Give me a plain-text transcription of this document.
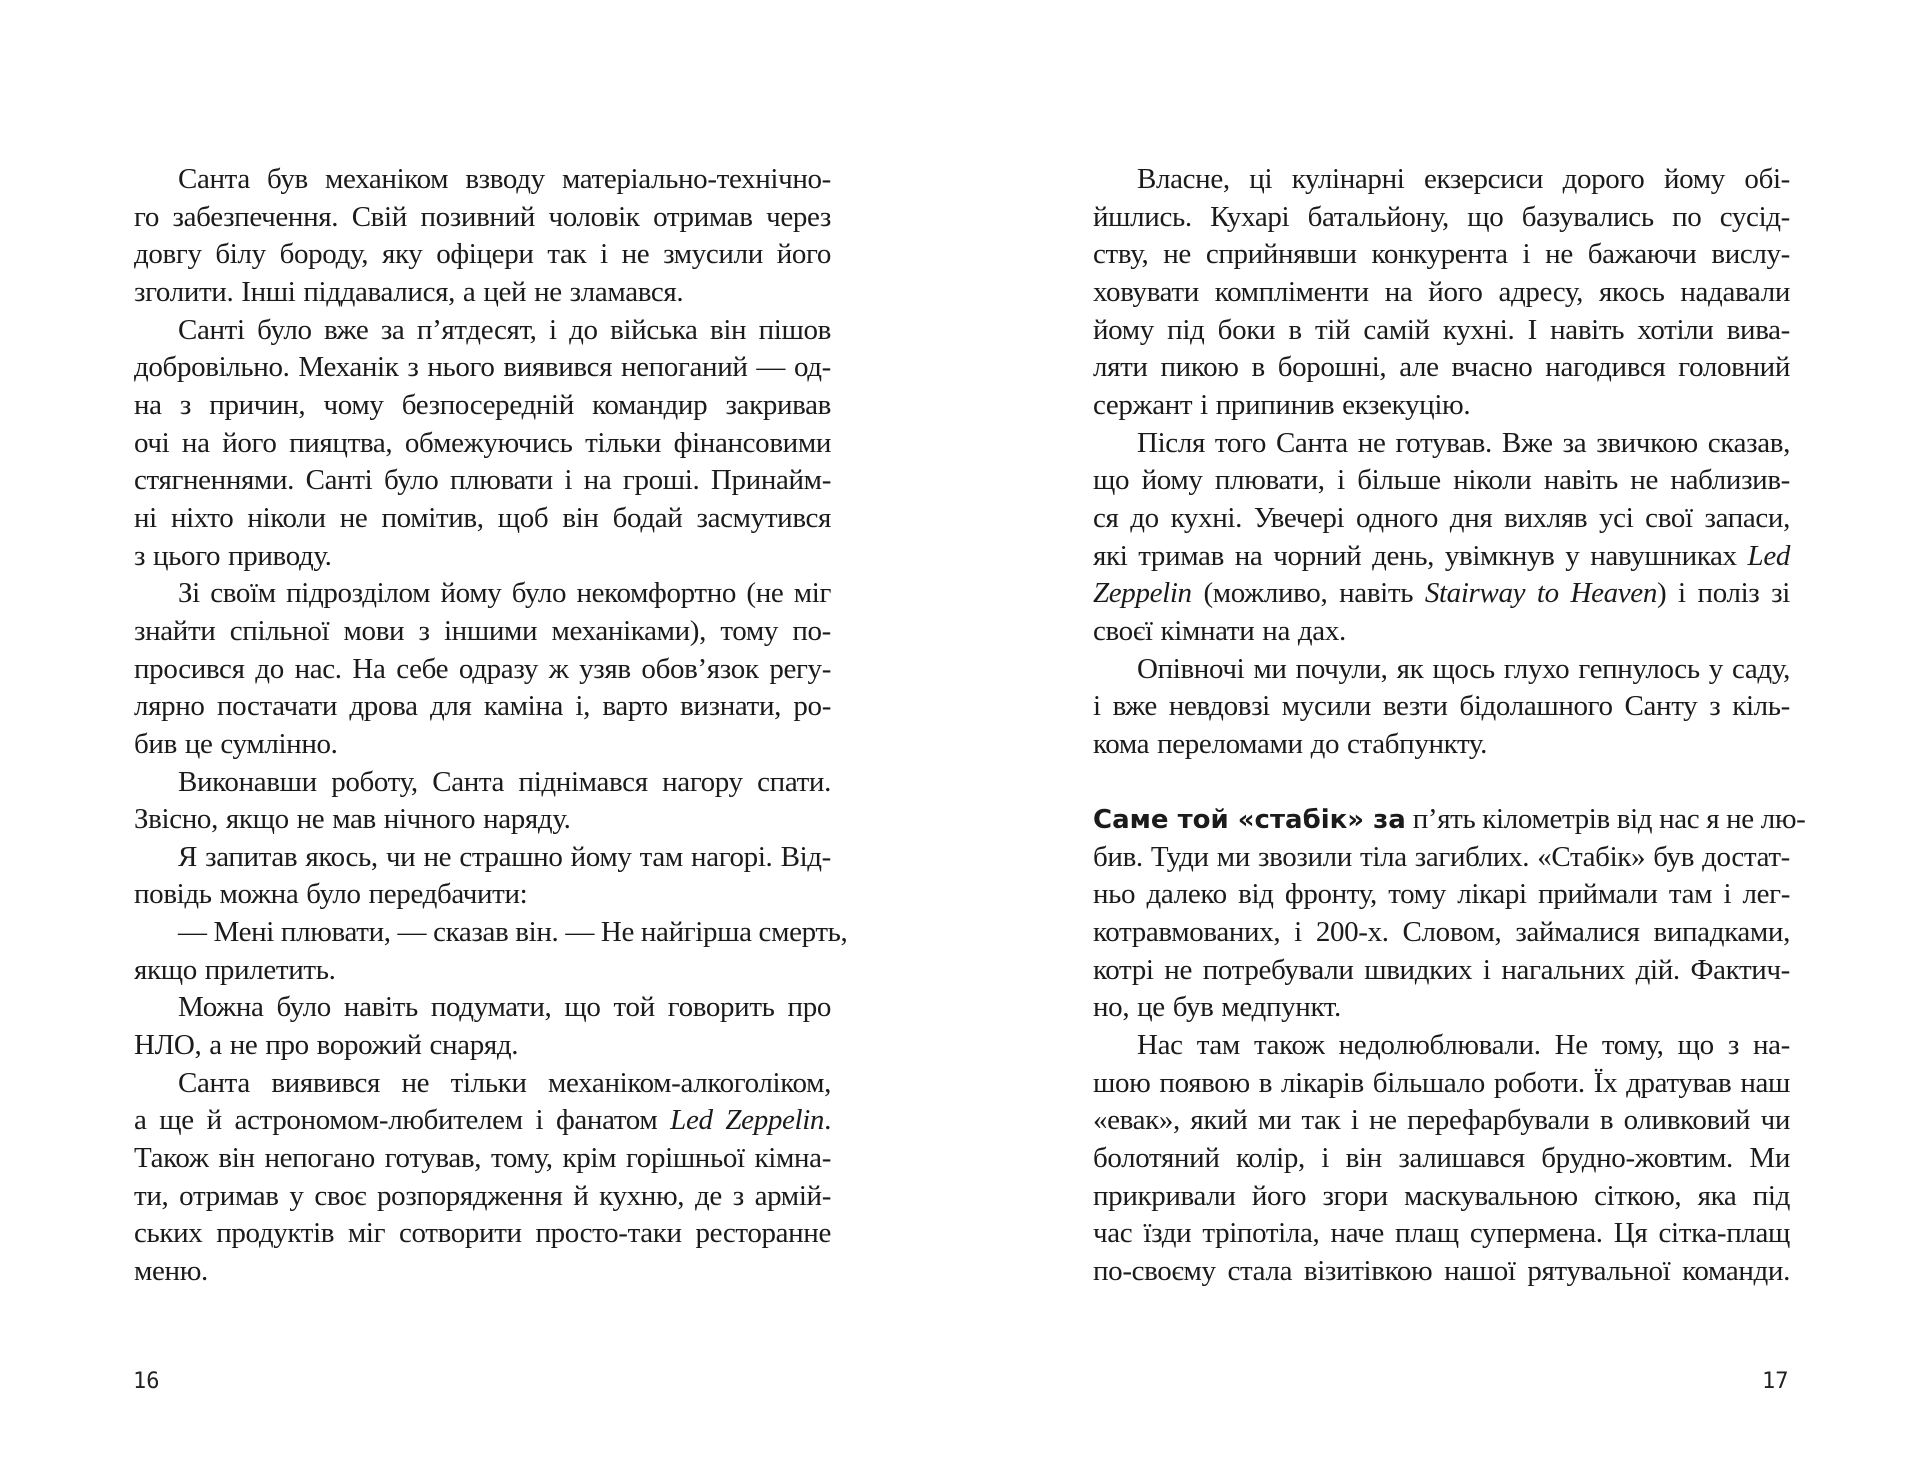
Санта був механіком взводу матеріально-технічно-
го забезпечення. Свій позивний чоловік отримав через
довгу білу бороду, яку офіцери так і не змусили його
зголити. Інші піддавалися, а цей не зламався.
Санті було вже за п’ятдесят, і до війська він пішов
добровільно. Механік з нього виявився непоганий — од-
на з причин, чому безпосередній командир закривав
очі на його пияцтва, обмежуючись тільки фінансовими
стягненнями. Санті було плювати і на гроші. Принайм-
ні ніхто ніколи не помітив, щоб він бодай засмутився
з цього приводу.
Зі своїм підрозділом йому було некомфортно (не міг
знайти спільної мови з іншими механіками), тому по-
просився до нас. На себе одразу ж узяв обов’язок регу-
лярно постачати дрова для каміна і, варто визнати, ро-
бив це сумлінно.
Виконавши роботу, Санта піднімався нагору спати.
Звісно, якщо не мав нічного наряду.
Я запитав якось, чи не страшно йому там нагорі. Від-
повідь можна було передбачити:
— Мені плювати, — сказав він. — Не найгірша смерть,
якщо прилетить.
Можна було навіть подумати, що той говорить про
НЛО, а не про ворожий снаряд.
Санта виявився не тільки механіком-алкоголіком,
а ще й астрономом-любителем і фанатом Led Zeppelin.
Також він непогано готував, тому, крім горішньої кімна-
ти, отримав у своє розпорядження й кухню, де з армій-
ських продуктів міг сотворити просто-таки ресторанне
меню.
16
Власне, ці кулінарні екзерсиси дорого йому обі-
йшлись. Кухарі батальйону, що базувались по сусід-
ству, не сприйнявши конкурента і не бажаючи вислу-
ховувати компліменти на його адресу, якось надавали
йому під боки в тій самій кухні. І навіть хотіли вива-
ляти пикою в борошні, але вчасно нагодився головний
сержант і припинив екзекуцію.
Після того Санта не готував. Вже за звичкою сказав,
що йому плювати, і більше ніколи навіть не наблизив-
ся до кухні. Увечері одного дня вихляв усі свої запаси,
які тримав на чорний день, увімкнув у навушниках Led
Zeppelin (можливо, навіть Stairway to Heaven) і поліз зі
своєї кімнати на дах.
Опівночі ми почули, як щось глухо гепнулось у саду,
і вже невдовзі мусили везти бідолашного Санту з кіль-
кома переломами до стабпункту.

Саме той «стабік» за п’ять кілометрів від нас я не лю-
бив. Туди ми звозили тіла загиблих. «Стабік» був достат-
ньо далеко від фронту, тому лікарі приймали там і лег-
котравмованих, і 200-х. Словом, займалися випадками,
котрі не потребували швидких і нагальних дій. Фактич-
но, це був медпункт.
Нас там також недолюблювали. Не тому, що з на-
шою появою в лікарів більшало роботи. Їх дратував наш
«евак», який ми так і не перефарбували в оливковий чи
болотяний колір, і він залишався брудно-жовтим. Ми
прикривали його згори маскувальною сіткою, яка під
час їзди тріпотіла, наче плащ супермена. Ця сітка-плащ
по-своєму стала візитівкою нашої рятувальної команди.
17
